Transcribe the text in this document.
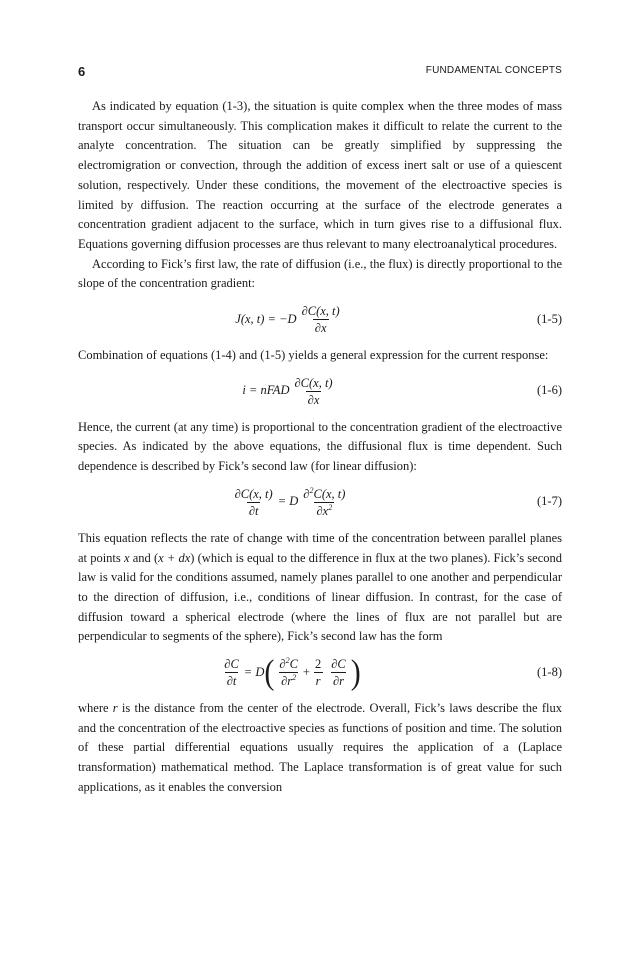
6	FUNDAMENTAL CONCEPTS

As indicated by equation (1-3), the situation is quite complex when the three modes of mass transport occur simultaneously. This complication makes it difficult to relate the current to the analyte concentration. The situation can be greatly simplified by suppressing the electromigration or convection, through the addition of excess inert salt or use of a quiescent solution, respectively. Under these conditions, the movement of the electroactive species is limited by diffusion. The reaction occurring at the surface of the electrode generates a concentration gradient adjacent to the surface, which in turn gives rise to a diffusional flux. Equations governing diffusion processes are thus relevant to many electroanalytical procedures.

According to Fick’s first law, the rate of diffusion (i.e., the flux) is directly proportional to the slope of the concentration gradient:

J(x, $t) = -D \frac{\partial C(x, t)}{\partial x}$	(1-5)

Combination of equations (1-4) and (1-5) yields a general expression for the current response:

i = nFAD $\frac{\partial C(x, t)}{\partial x}$	(1-6)

Hence, the current (at any time) is proportional to the concentration gradient of the electroactive species. As indicated by the above equations, the diffusional flux is time dependent. Such dependence is described by Fick’s second law (for linear diffusion):

$\frac{\partial C(x, t)}{\partial t} = D \frac{\partial^2C(x, t)}{\partial x^2}$	(1-7)

This equation reflects the rate of change with time of the concentration between parallel planes at points x and (x + dx) (which is equal to the difference in flux at the two planes). Fick’s second law is valid for the conditions assumed, namely planes parallel to one another and perpendicular to the direction of diffusion, i.e., conditions of linear diffusion. In contrast, for the case of diffusion toward a spherical electrode (where the lines of flux are not parallel but are perpendicular to segments of the sphere), Fick’s second law has the form

$\frac{\partial C}{\partial t} = D$ ( $\frac{\partial^2C}{\partial r^2} + \frac{2}{r} \frac{\partial C}{\partial r}$ )	(1-8)

where r is the distance from the center of the electrode. Overall, Fick’s laws describe the flux and the concentration of the electroactive species as functions of position and time. The solution of these partial differential equations usually requires the application of a (Laplace transformation) mathematical method. The Laplace transformation is of great value for such applications, as it enables the conversion
